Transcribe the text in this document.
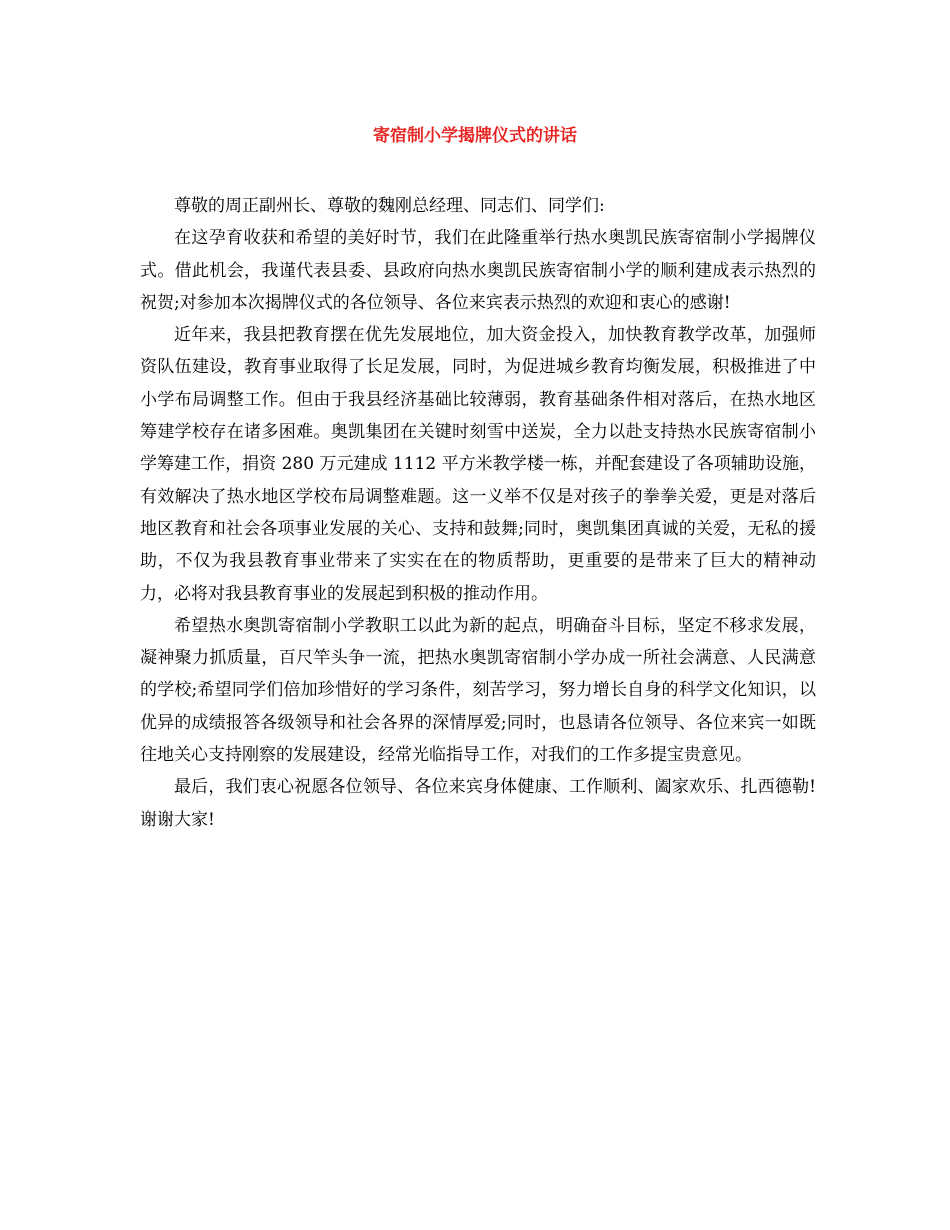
寄宿制小学揭牌仪式的讲话

尊敬的周正副州长、尊敬的魏刚总经理、同志们、同学们:

在这孕育收获和希望的美好时节，我们在此隆重举行热水奥凯民族寄宿制小学揭牌仪式。借此机会，我谨代表县委、县政府向热水奥凯民族寄宿制小学的顺利建成表示热烈的祝贺;对参加本次揭牌仪式的各位领导、各位来宾表示热烈的欢迎和衷心的感谢!

近年来，我县把教育摆在优先发展地位，加大资金投入，加快教育教学改革，加强师资队伍建设，教育事业取得了长足发展，同时，为促进城乡教育均衡发展，积极推进了中小学布局调整工作。但由于我县经济基础比较薄弱，教育基础条件相对落后，在热水地区筹建学校存在诸多困难。奥凯集团在关键时刻雪中送炭，全力以赴支持热水民族寄宿制小学筹建工作，捐资 280 万元建成 1112 平方米教学楼一栋，并配套建设了各项辅助设施，有效解决了热水地区学校布局调整难题。这一义举不仅是对孩子的拳拳关爱，更是对落后地区教育和社会各项事业发展的关心、支持和鼓舞;同时，奥凯集团真诚的关爱，无私的援助，不仅为我县教育事业带来了实实在在的物质帮助，更重要的是带来了巨大的精神动力，必将对我县教育事业的发展起到积极的推动作用。

希望热水奥凯寄宿制小学教职工以此为新的起点，明确奋斗目标，坚定不移求发展，凝神聚力抓质量，百尺竿头争一流，把热水奥凯寄宿制小学办成一所社会满意、人民满意的学校;希望同学们倍加珍惜好的学习条件，刻苦学习，努力增长自身的科学文化知识，以优异的成绩报答各级领导和社会各界的深情厚爱;同时，也恳请各位领导、各位来宾一如既往地关心支持刚察的发展建设，经常光临指导工作，对我们的工作多提宝贵意见。

最后，我们衷心祝愿各位领导、各位来宾身体健康、工作顺利、阖家欢乐、扎西德勒!谢谢大家!
